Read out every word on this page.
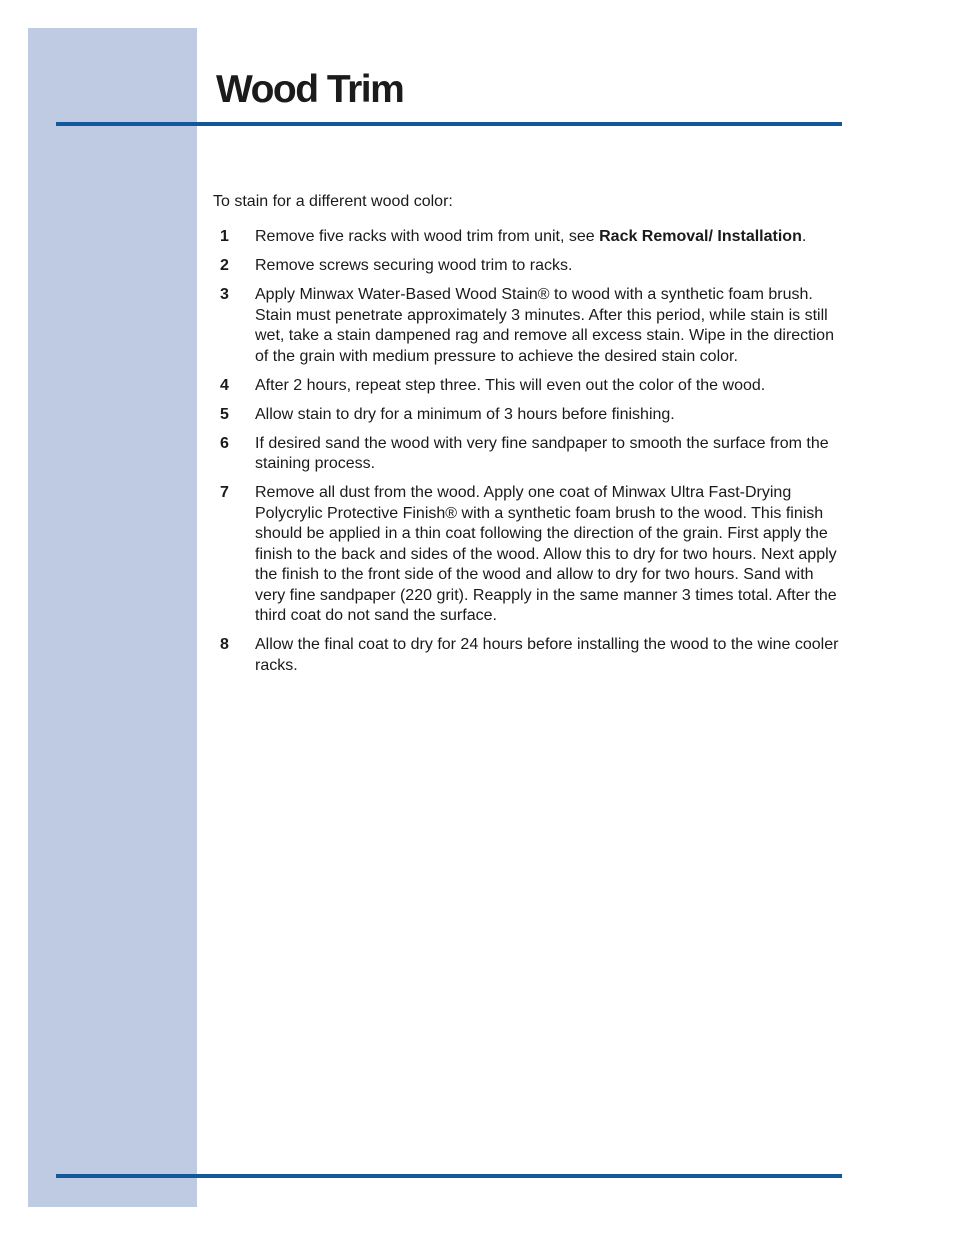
Wood Trim

To stain for a different wood color:

1	Remove five racks with wood trim from unit, see Rack Removal/ Installation.
2	Remove screws securing wood trim to racks.
3	Apply Minwax Water-Based Wood Stain® to wood with a synthetic foam brush. Stain must penetrate approximately 3 minutes. After this period, while stain is still wet, take a stain dampened rag and remove all excess stain. Wipe in the direction of the grain with medium pressure to achieve the desired stain color.
4	After 2 hours, repeat step three. This will even out the color of the wood.
5	Allow stain to dry for a minimum of 3 hours before finishing.
6	If desired sand the wood with very fine sandpaper to smooth the surface from the staining process.
7	Remove all dust from the wood. Apply one coat of Minwax Ultra Fast-Drying Polycrylic Protective Finish® with a synthetic foam brush to the wood. This finish should be applied in a thin coat following the direction of the grain. First apply the finish to the back and sides of the wood. Allow this to dry for two hours. Next apply the finish to the front side of the wood and allow to dry for two hours. Sand with very fine sandpaper (220 grit). Reapply in the same manner 3 times total. After the third coat do not sand the surface.
8	Allow the final coat to dry for 24 hours before installing the wood to the wine cooler racks.
